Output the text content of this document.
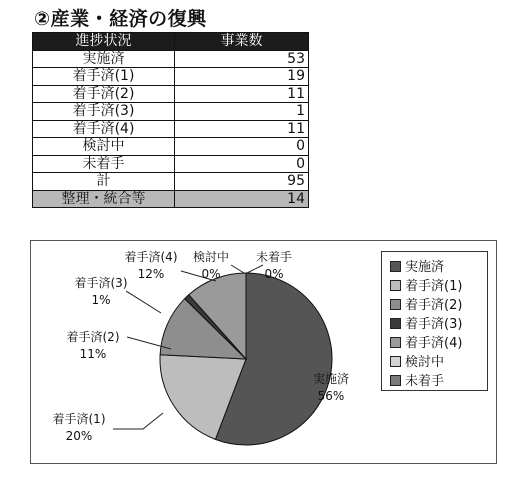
②産業・経済の復興
進捗状況	事業数
実施済	53
着手済(1)	19
着手済(2)	11
着手済(3)	1
着手済(4)	11
検討中	0
未着手	0
計	95
整理・統合等	14
実施済
56%
着手済(1)
20%
着手済(2)
11%
着手済(3)
1%
着手済(4)
12%
検討中
0%
未着手
0%	実施済
着手済(1)
着手済(2)
着手済(3)
着手済(4)
検討中
未着手
